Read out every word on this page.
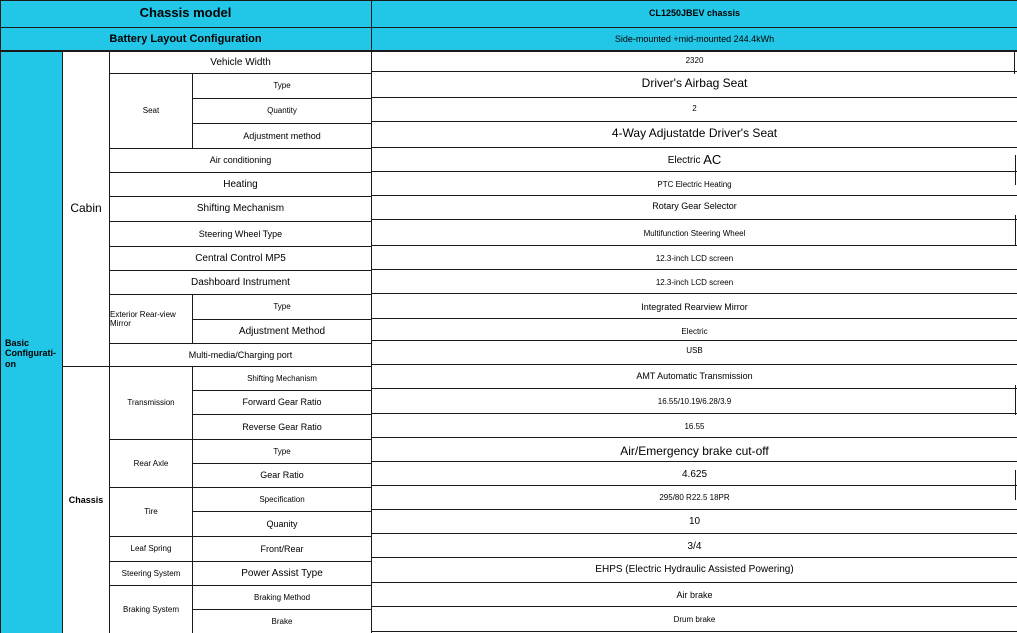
Chassis model	CL1250JBEV chassis
Battery Layout Configuration	Side-mounted +mid-mounted 244.4kWh
Basic Configurati-on
Cabin
Chassis
Seat
Exterior Rear-view Mirror
Transmission
Rear Axle
Tire
Leaf Spring
Steering System
Braking System
Vehicle Width
Type
Quantity
Adjustment method
Air conditioning
Heating
Shifting Mechanism
Steering Wheel Type
Central Control MP5
Dashboard Instrument
Type
Adjustment Method
Multi-media/Charging port
Shifting Mechanism
Forward Gear Ratio
Reverse Gear Ratio
Type
Gear Ratio
Specification
Quanity
Front/Rear
Power Assist Type
Braking Method
Brake
2320
Driver's Airbag Seat
2
4-Way Adjustatde Driver's Seat
Electric AC
PTC Electric Heating
Rotary Gear Selector
Multifunction Steering Wheel
12.3-inch LCD screen
12.3-inch LCD screen
Integrated Rearview Mirror
Electric
USB
AMT Automatic Transmission
16.55/10.19/6.28/3.9
16.55
Air/Emergency brake cut-off
4.625
295/80 R22.5 18PR
10
3/4
EHPS (Electric Hydraulic Assisted Powering)
Air brake
Drum brake
